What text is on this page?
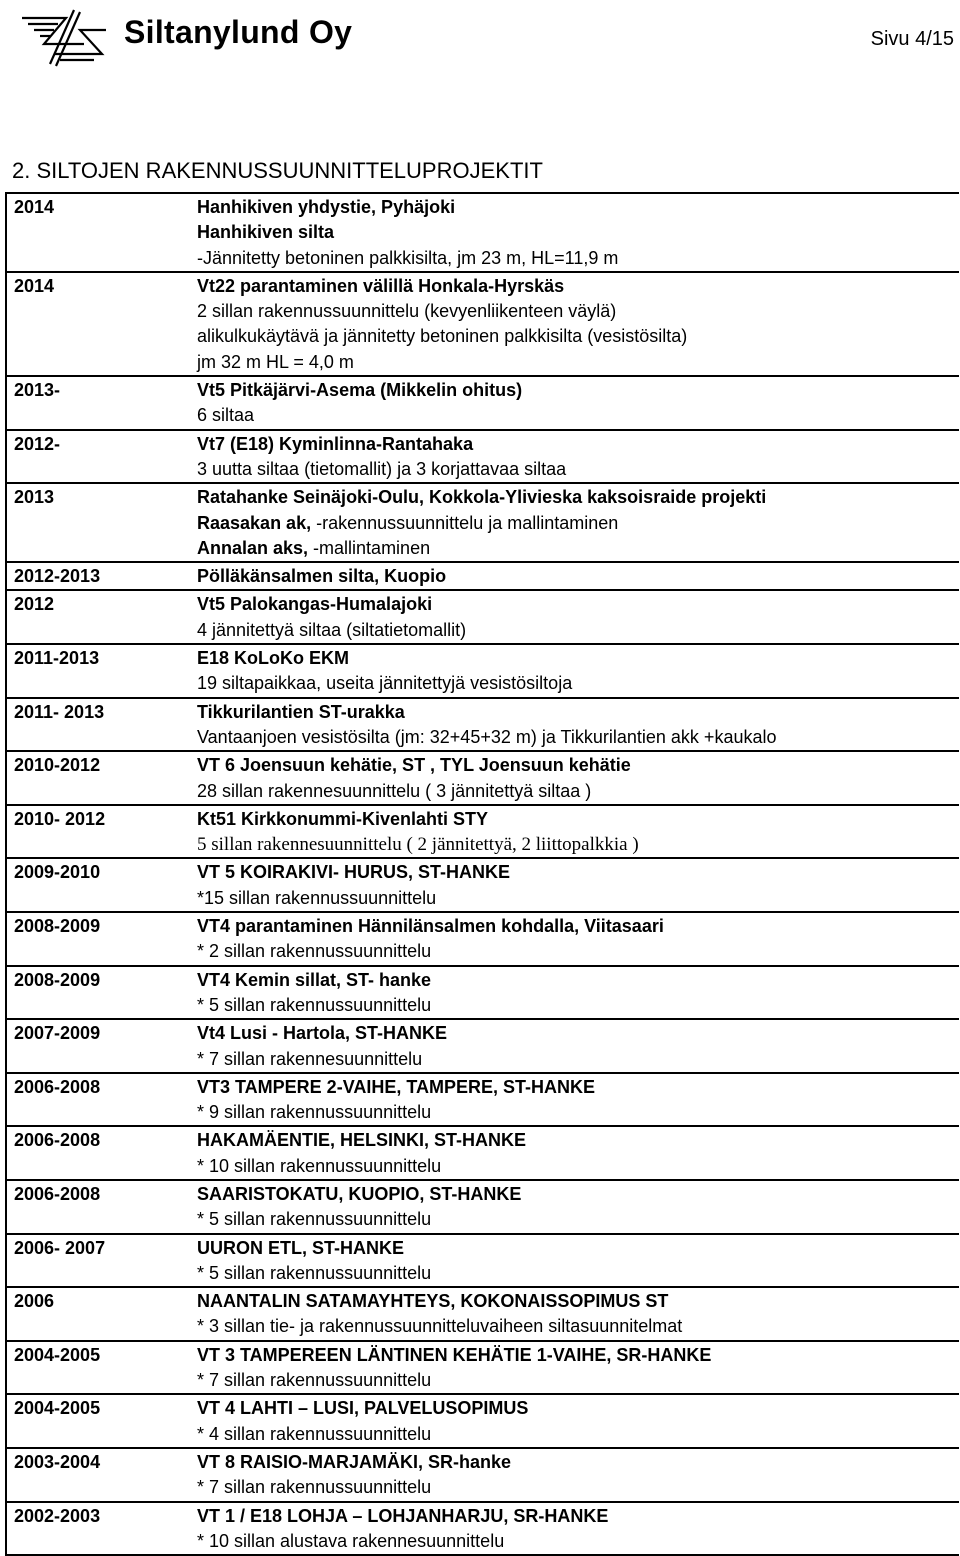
Siltanylund Oy	Sivu 4/15
2. SILTOJEN RAKENNUSSUUNNITTELUPROJEKTIT
2014	Hanhikiven yhdystie, Pyhäjoki
Hanhikiven silta
-Jännitetty betoninen palkkisilta, jm 23 m, HL=11,9 m
2014	Vt22 parantaminen välillä Honkala-Hyrskäs
2 sillan rakennussuunnittelu (kevyenliikenteen väylä)
alikulkukäytävä ja jännitetty betoninen palkkisilta (vesistösilta)
jm 32 m HL = 4,0 m
2013-	Vt5 Pitkäjärvi-Asema (Mikkelin ohitus)
6 siltaa
2012-	Vt7 (E18) Kyminlinna-Rantahaka
3 uutta siltaa (tietomallit) ja 3 korjattavaa siltaa
2013	Ratahanke Seinäjoki-Oulu, Kokkola-Ylivieska kaksoisraide projekti
Raasakan ak, -rakennussuunnittelu ja mallintaminen
Annalan aks, -mallintaminen
2012-2013	Pölläkänsalmen silta, Kuopio
2012	Vt5 Palokangas-Humalajoki
4 jännitettyä siltaa (siltatietomallit)
2011-2013	E18 KoLoKo EKM
19 siltapaikkaa, useita jännitettyjä vesistösiltoja
2011- 2013	Tikkurilantien ST-urakka
Vantaanjoen vesistösilta (jm: 32+45+32 m) ja Tikkurilantien akk +kaukalo
2010-2012	VT 6 Joensuun kehätie, ST , TYL Joensuun kehätie
28 sillan rakennesuunnittelu ( 3 jännitettyä siltaa )
2010- 2012	Kt51 Kirkkonummi-Kivenlahti STY
5 sillan rakennesuunnittelu ( 2 jännitettyä, 2 liittopalkkia )
2009-2010	VT 5 KOIRAKIVI- HURUS, ST-HANKE
*15 sillan rakennussuunnittelu
2008-2009	VT4 parantaminen Hännilänsalmen kohdalla, Viitasaari
* 2 sillan rakennussuunnittelu
2008-2009	VT4 Kemin sillat, ST- hanke
* 5 sillan rakennussuunnittelu
2007-2009	Vt4 Lusi - Hartola, ST-HANKE
* 7 sillan rakennesuunnittelu
2006-2008	VT3 TAMPERE 2-VAIHE, TAMPERE, ST-HANKE
* 9 sillan rakennussuunnittelu
2006-2008	HAKAMÄENTIE, HELSINKI, ST-HANKE
* 10 sillan rakennussuunnittelu
2006-2008	SAARISTOKATU, KUOPIO, ST-HANKE
* 5 sillan rakennussuunnittelu
2006- 2007	UURON ETL, ST-HANKE
* 5 sillan rakennussuunnittelu
2006	NAANTALIN SATAMAYHTEYS, KOKONAISSOPIMUS ST
* 3 sillan tie- ja rakennussuunnitteluvaiheen siltasuunnitelmat
2004-2005	VT 3 TAMPEREEN LÄNTINEN KEHÄTIE 1-VAIHE, SR-HANKE
* 7 sillan rakennussuunnittelu
2004-2005	VT 4 LAHTI – LUSI, PALVELUSOPIMUS
* 4 sillan rakennussuunnittelu
2003-2004	VT 8 RAISIO-MARJAMÄKI, SR-hanke
* 7 sillan rakennussuunnittelu
2002-2003	VT 1 / E18 LOHJA – LOHJANHARJU, SR-HANKE
* 10 sillan alustava rakennesuunnittelu
